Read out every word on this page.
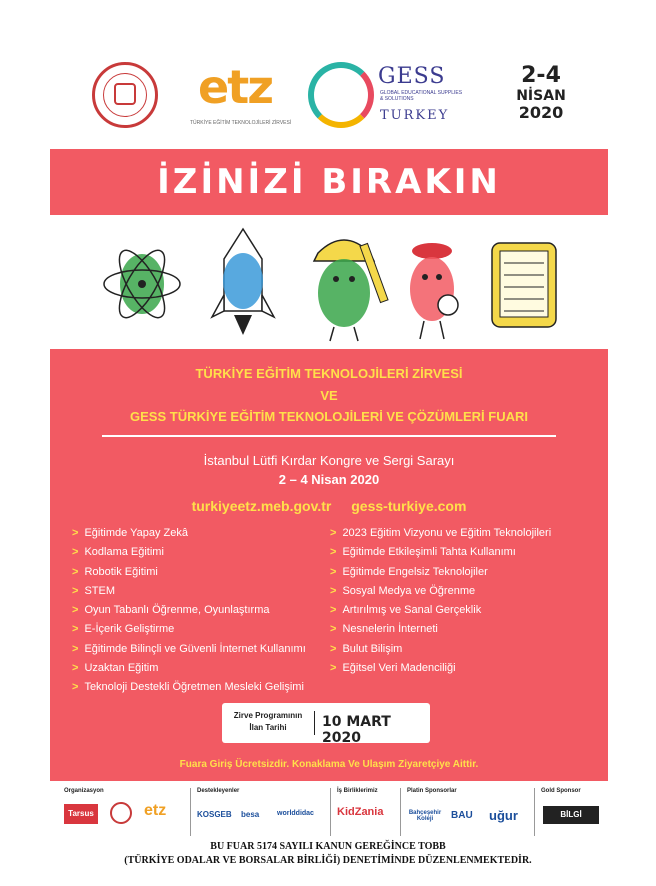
etz
TÜRKİYE EĞİTİM TEKNOLOJİLERİ ZİRVESİ
GESS
GLOBAL EDUCATIONAL SUPPLIES & SOLUTIONS
TURKEY
2-4
NİSAN
2020
İZİNİZİ BIRAKIN
TÜRKİYE EĞİTİM TEKNOLOJİLERİ ZİRVESİ
VE
GESS TÜRKİYE EĞİTİM TEKNOLOJİLERİ VE ÇÖZÜMLERİ FUARI
İstanbul Lütfi Kırdar Kongre ve Sergi Sarayı
2 – 4 Nisan 2020
turkiyeetz.meb.gov.tr gess-turkiye.com
> Eğitimde Yapay Zekâ
> Kodlama Eğitimi
> Robotik Eğitimi
> STEM
> Oyun Tabanlı Öğrenme, Oyunlaştırma
> E-İçerik Geliştirme
> Eğitimde Bilinçli ve Güvenli İnternet Kullanımı
> Uzaktan Eğitim
> Teknoloji Destekli Öğretmen Mesleki Gelişimi
> 2023 Eğitim Vizyonu ve Eğitim Teknolojileri
> Eğitimde Etkileşimli Tahta Kullanımı
> Eğitimde Engelsiz Teknolojiler
> Sosyal Medya ve Öğrenme
> Artırılmış ve Sanal Gerçeklik
> Nesnelerin İnterneti
> Bulut Bilişim
> Eğitsel Veri Madenciliği
Zirve Programının İlan Tarihi	10 MART 2020
Fuara Giriş Ücretsizdir. Konaklama Ve Ulaşım Ziyaretçiye Aittir.
Organizasyon
Tarsus	etz
Destekleyenler
KOSGEB besa	worlddidac
İş Birliklerimiz
KidZania
Platin Sponsorlar
Bahçeşehir Koleji	BAU uğur
Gold Sponsor
BİLGİ
BU FUAR 5174 SAYILI KANUN GEREĞİNCE TOBB
(TÜRKİYE ODALAR VE BORSALAR BİRLİĞİ) DENETİMİNDE DÜZENLENMEKTEDİR.
